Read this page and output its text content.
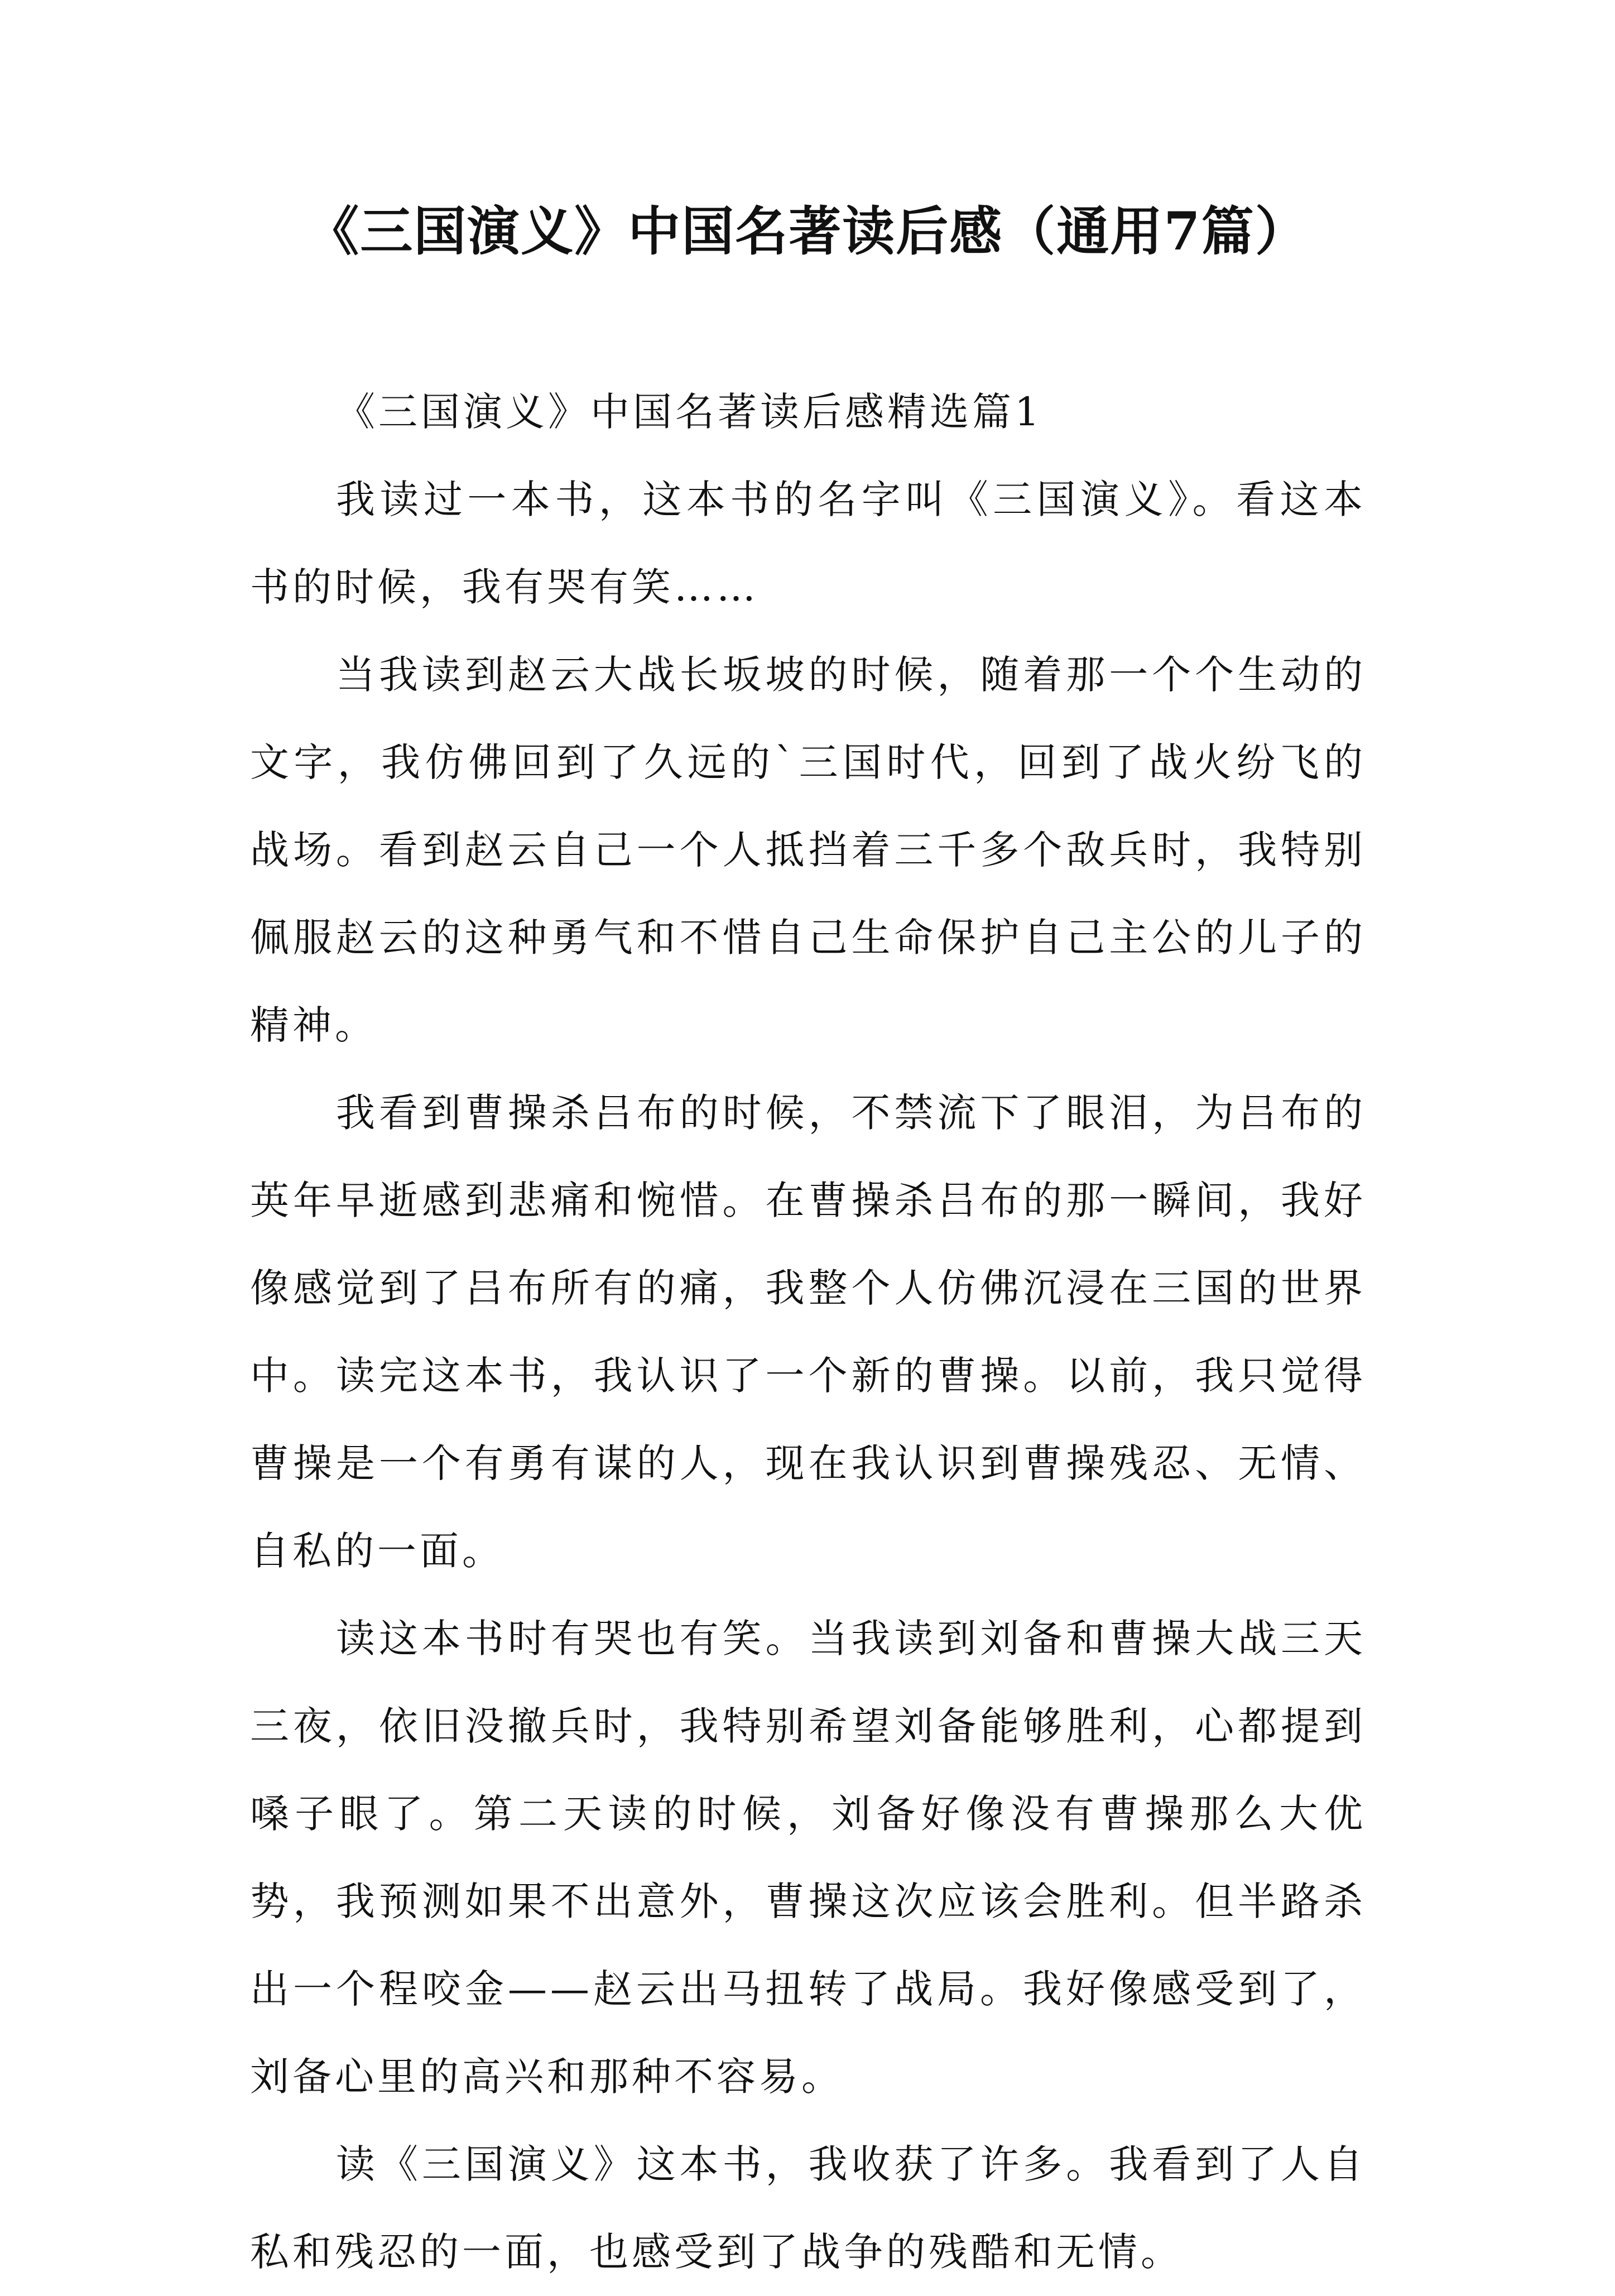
《三国演义》中国名著读后感（通用7篇）

《三国演义》中国名著读后感精选篇1

我读过一本书，这本书的名字叫《三国演义》。看这本书的时候，我有哭有笑……

当我读到赵云大战长坂坡的时候，随着那一个个生动的文字，我仿佛回到了久远的`三国时代，回到了战火纷飞的战场。看到赵云自己一个人抵挡着三千多个敌兵时，我特别佩服赵云的这种勇气和不惜自己生命保护自己主公的儿子的精神。

我看到曹操杀吕布的时候，不禁流下了眼泪，为吕布的英年早逝感到悲痛和惋惜。在曹操杀吕布的那一瞬间，我好像感觉到了吕布所有的痛，我整个人仿佛沉浸在三国的世界中。读完这本书，我认识了一个新的曹操。以前，我只觉得曹操是一个有勇有谋的人，现在我认识到曹操残忍、无情、自私的一面。

读这本书时有哭也有笑。当我读到刘备和曹操大战三天三夜，依旧没撤兵时，我特别希望刘备能够胜利，心都提到嗓子眼了。第二天读的时候，刘备好像没有曹操那么大优势，我预测如果不出意外，曹操这次应该会胜利。但半路杀出一个程咬金——赵云出马扭转了战局。我好像感受到了，刘备心里的高兴和那种不容易。

读《三国演义》这本书，我收获了许多。我看到了人自私和残忍的一面，也感受到了战争的残酷和无情。
